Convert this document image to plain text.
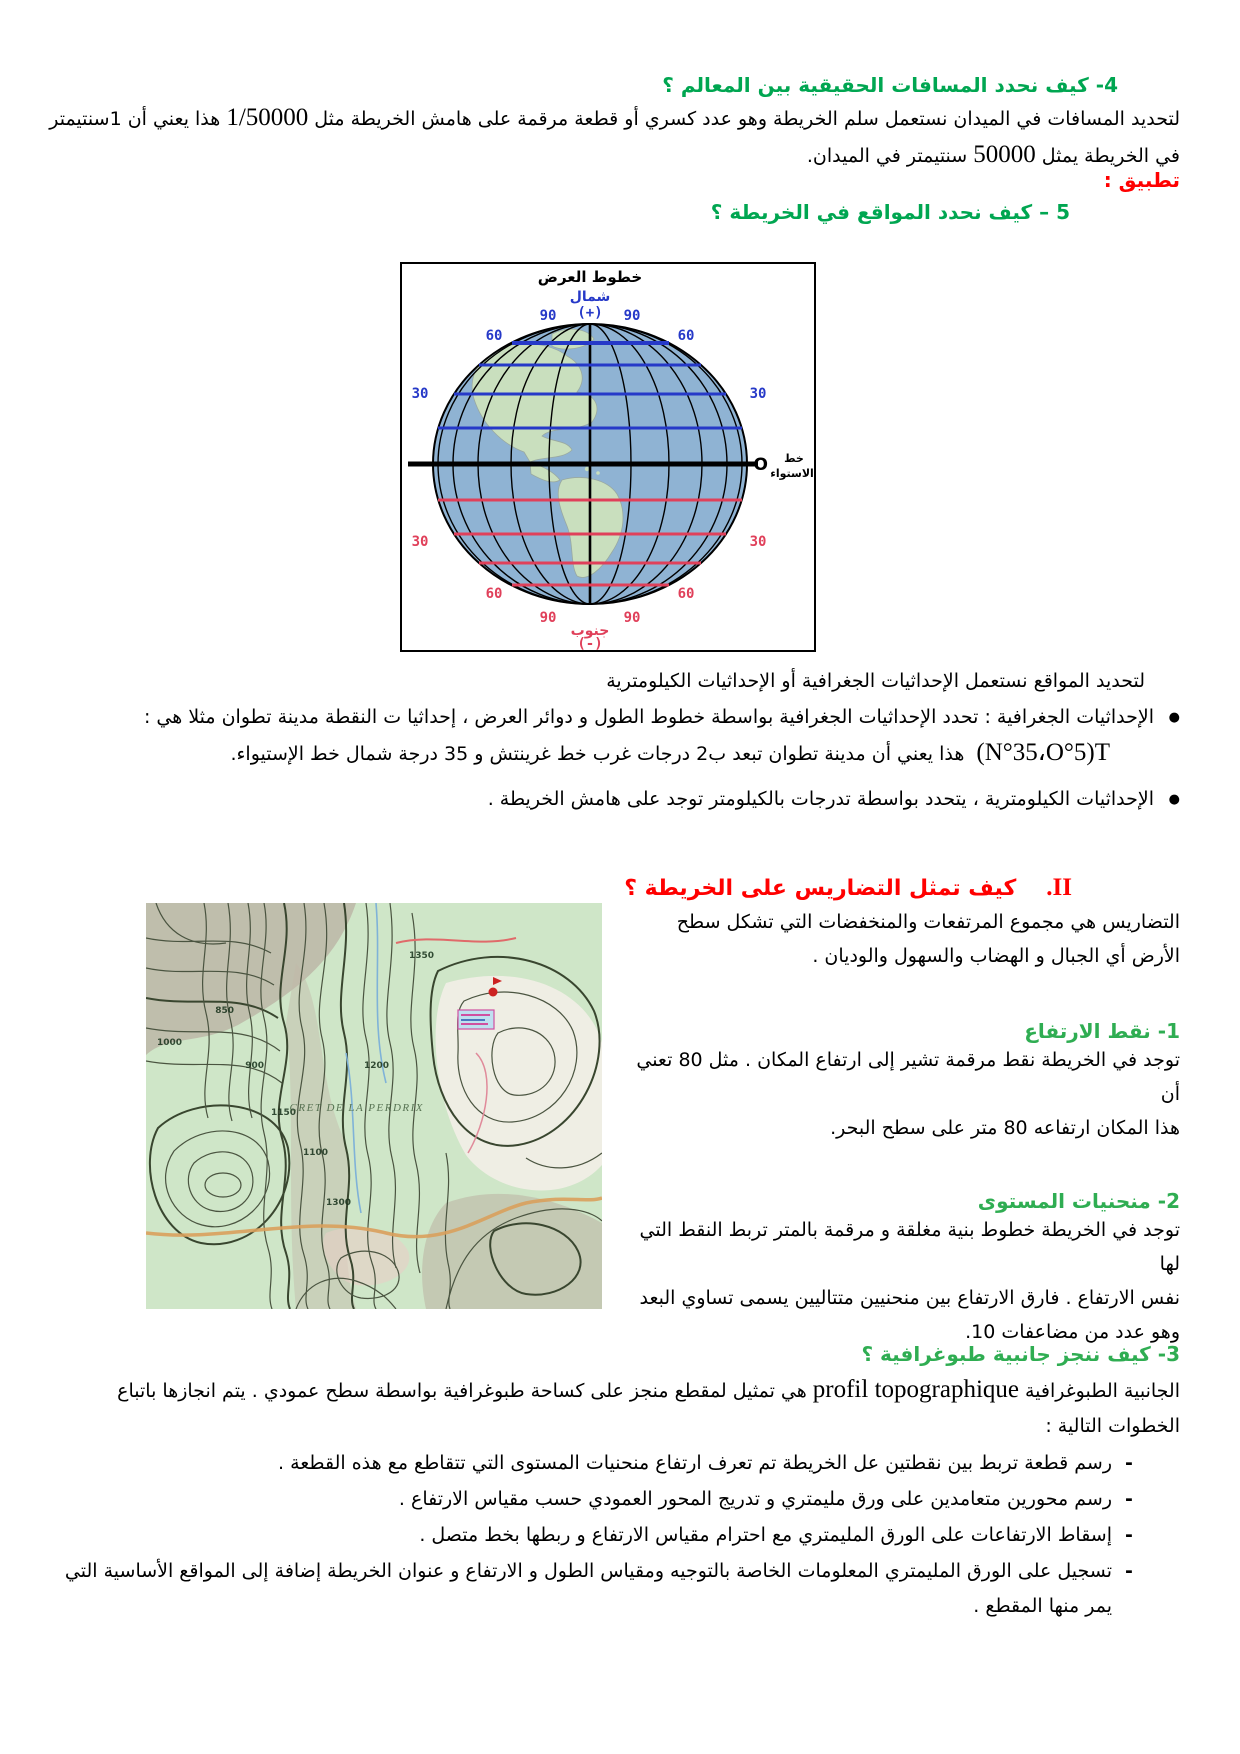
4- كيف نحدد المسافات الحقيقية بين المعالم ؟
لتحديد المسافات في الميدان نستعمل سلم الخريطة وهو عدد كسري أو قطعة مرقمة على هامش الخريطة مثل1/50000هذا يعني أن 1سنتيمتر
في الخريطة يمثل50000سنتيمتر في الميدان.
تطبيق :
5 – كيف نحدد المواقع في الخريطة ؟
خطوط العرض
شمال
(+)
90	90
60	60
30	30
O خط
الاستواء
30	30
60	60
90	90
جنوب
(-)
لتحديد المواقع نستعمل الإحداثيات الجغرافية أو الإحداثيات الكيلومترية
●
الإحداثيات الجغرافية : تحدد الإحداثيات الجغرافية بواسطة خطوط الطول و دوائر العرض ، إحداثيا ت النقطة مدينة تطوان مثلا هي :
(N°35،O°5)T هذا يعني أن مدينة تطوان تبعد ب2 درجات غرب خط غرينتش و 35 درجة شمال خط الإستيواء.
●
الإحداثيات الكيلومترية ، يتحدد بواسطة تدرجات بالكيلومتر توجد على هامش الخريطة .
II.كيف تمثل التضاريس على الخريطة ؟
850
900
1000
1100
1150
1200
1300
1350
CRET DE LA PERDRIX
التضاريس هي مجموع المرتفعات والمنخفضات التي تشكل سطح
الأرض أي الجبال و الهضاب والسهول والوديان .
1- نقط الارتفاع
توجد في الخريطة نقط مرقمة تشير إلى ارتفاع المكان . مثل 80 تعني أن
هذا المكان ارتفاعه 80 متر على سطح البحر.
2- منحنيات المستوى
توجد في الخريطة خطوط بنية مغلقة و مرقمة بالمتر تربط النقط التي لها
نفس الارتفاع . فارق الارتفاع بين منحنيين متتاليين يسمى تساوي البعد
وهو عدد من مضاعفات 10.
3- كيف ننجز جانبية طبوغرافية ؟
الجانبية الطبوغرافيةprofil topographiqueهي تمثيل لمقطع منجز على كساحة طبوغرافية بواسطة سطح عمودي . يتم انجازها باتباع
الخطوات التالية :
-
رسم قطعة تربط بين نقطتين عل الخريطة تم تعرف ارتفاع منحنيات المستوى التي تتقاطع مع هذه القطعة .
-
رسم محورين متعامدين على ورق مليمتري و تدريج المحور العمودي حسب مقياس الارتفاع .
-
إسقاط الارتفاعات على الورق المليمتري مع احترام مقياس الارتفاع و ربطها بخط متصل .
-
تسجيل على الورق المليمتري المعلومات الخاصة بالتوجيه ومقياس الطول و الارتفاع و عنوان الخريطة إضافة إلى المواقع الأساسية التي يمر منها المقطع .
